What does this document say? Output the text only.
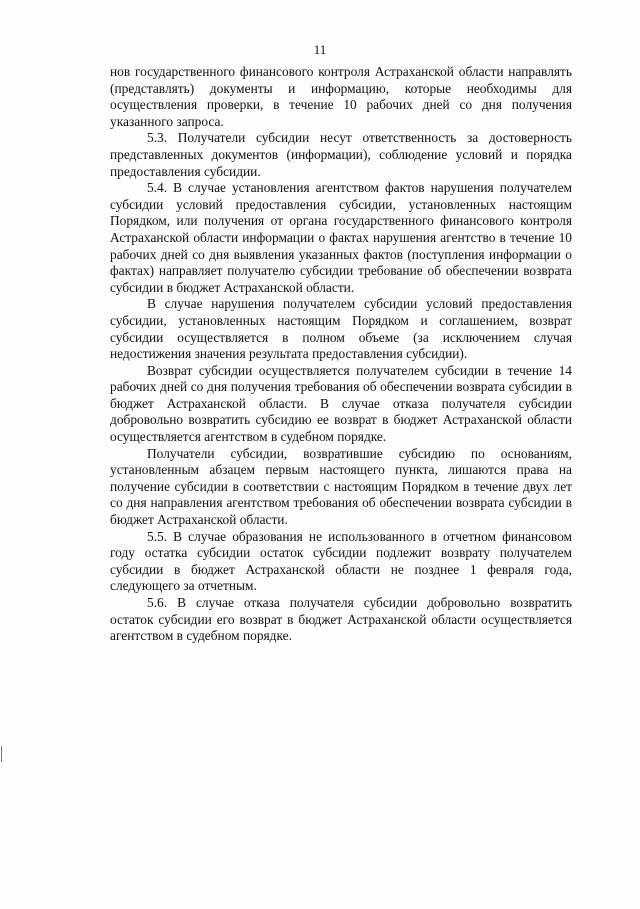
11

нов государственного финансового контроля Астраханской области направлять (представлять) документы и информацию, которые необходимы для осуществления проверки, в течение 10 рабочих дней со дня получения указанного запроса.

5.3. Получатели субсидии несут ответственность за достоверность представленных документов (информации), соблюдение условий и порядка предоставления субсидии.

5.4. В случае установления агентством фактов нарушения получателем субсидии условий предоставления субсидии, установленных настоящим Порядком, или получения от органа государственного финансового контроля Астраханской области информации о фактах нарушения агентство в течение 10 рабочих дней со дня выявления указанных фактов (поступления информации о фактах) направляет получателю субсидии требование об обеспечении возврата субсидии в бюджет Астраханской области.

В случае нарушения получателем субсидии условий предоставления субсидии, установленных настоящим Порядком и соглашением, возврат субсидии осуществляется в полном объеме (за исключением случая недостижения значения результата предоставления субсидии).

Возврат субсидии осуществляется получателем субсидии в течение 14 рабочих дней со дня получения требования об обеспечении возврата субсидии в бюджет Астраханской области. В случае отказа получателя субсидии добровольно возвратить субсидию ее возврат в бюджет Астраханской области осуществляется агентством в судебном порядке.

Получатели субсидии, возвратившие субсидию по основаниям, установленным абзацем первым настоящего пункта, лишаются права на получение субсидии в соответствии с настоящим Порядком в течение двух лет со дня направления агентством требования об обеспечении возврата субсидии в бюджет Астраханской области.

5.5. В случае образования не использованного в отчетном финансовом году остатка субсидии остаток субсидии подлежит возврату получателем субсидии в бюджет Астраханской области не позднее 1 февраля года, следующего за отчетным.

5.6. В случае отказа получателя субсидии добровольно возвратить остаток субсидии его возврат в бюджет Астраханской области осуществляется агентством в судебном порядке.
